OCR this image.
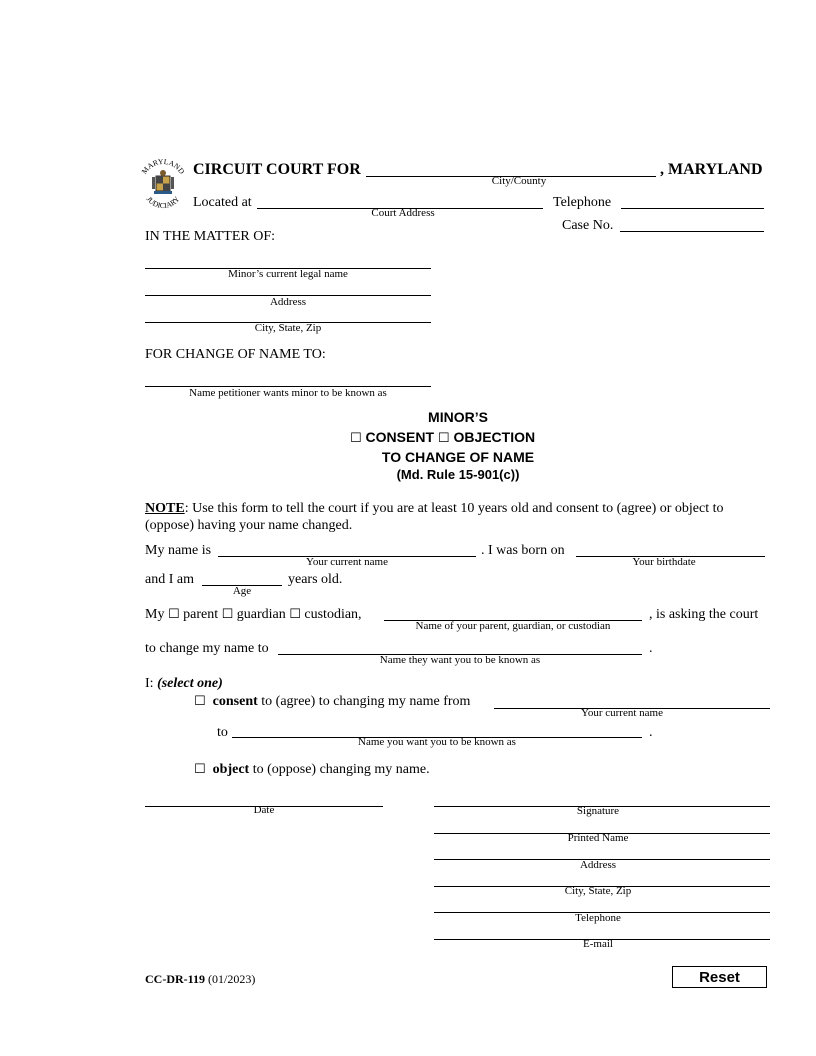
MARYLAND
JUDICIARY
CIRCUIT COURT FOR
City/County
, MARYLAND
Located at
Court Address
Telephone
IN THE MATTER OF:
Case No.
Minor’s current legal name
Address
City, State, Zip
FOR CHANGE OF NAME TO:
Name petitioner wants minor to be known as
MINOR’S
☐ CONSENT ☐ OBJECTION
TO CHANGE OF NAME
(Md. Rule 15-901(c))
NOTE: Use this form to tell the court if you are at least 10 years old and consent to (agree) or object to (oppose) having your name changed.
My name is
Your current name
. I was born on
Your birthdate
and I am
Age
years old.
My ☐ parent ☐ guardian ☐ custodian,
Name of your parent, guardian, or custodian
, is asking the court
to change my name to
Name they want you to be known as
.
I: (select one)
☐ consent to (agree) to changing my name from
Your current name
to
Name you want you to be known as
.
☐ object to (oppose) changing my name.
Date	Signature
Printed Name
Address
City, State, Zip
Telephone
E-mail
CC-DR-119 (01/2023)	Reset
